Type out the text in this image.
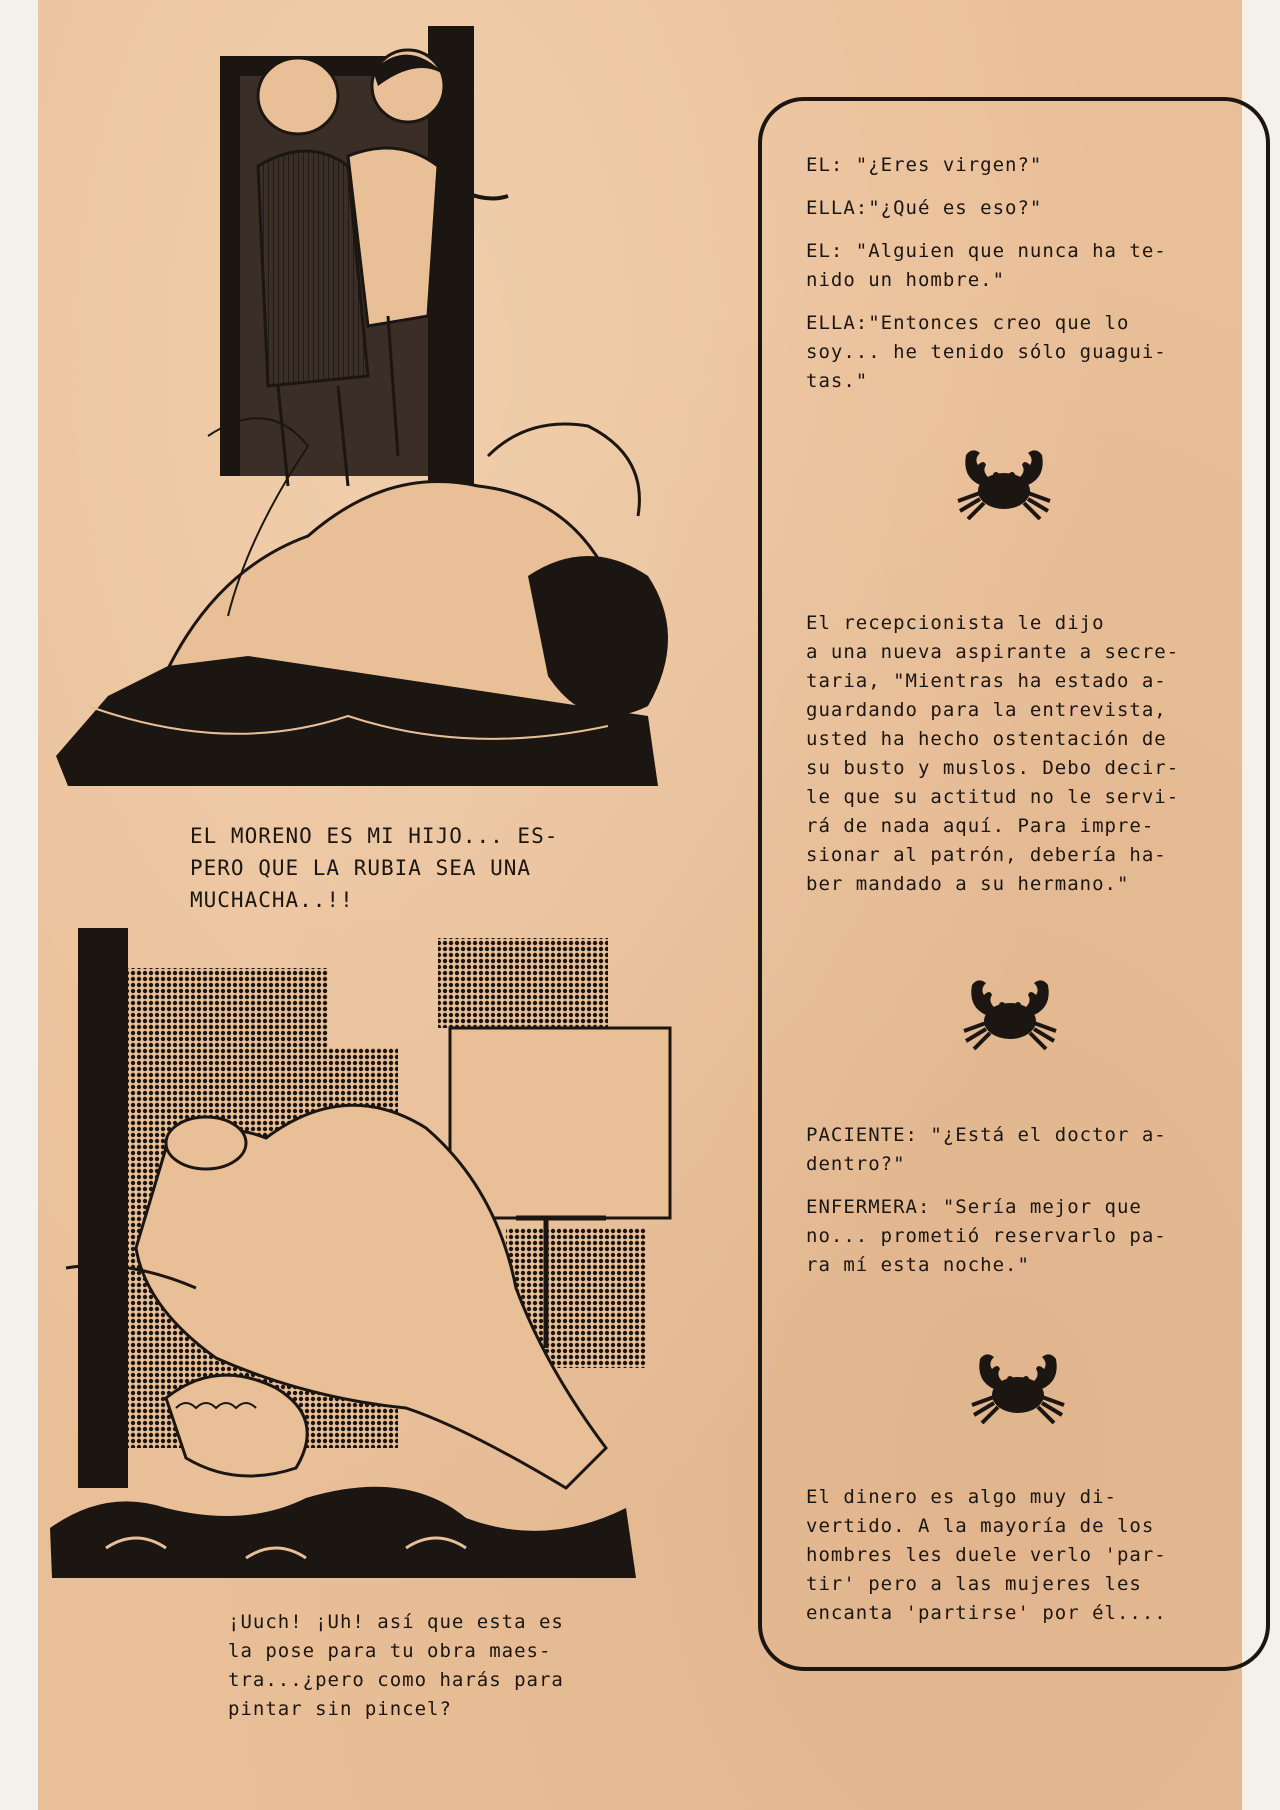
EL MORENO ES MI HIJO... ES-
PERO QUE LA RUBIA SEA UNA
MUCHACHA..!!
¡Uuch! ¡Uh! así que esta es
la pose para tu obra maes-
tra...¿pero como harás para
pintar sin pincel?

EL: "¿Eres virgen?"

ELLA:"¿Qué es eso?"

EL: "Alguien que nunca ha te-
nido un hombre."

ELLA:"Entonces creo que lo
soy... he tenido sólo guagui-
tas."

El recepcionista le dijo
a una nueva aspirante a secre-
taria, "Mientras ha estado a-
guardando para la entrevista,
usted ha hecho ostentación de
su busto y muslos. Debo decir-
le que su actitud no le servi-
rá de nada aquí. Para impre-
sionar al patrón, debería ha-
ber mandado a su hermano."

PACIENTE: "¿Está el doctor a-
dentro?"

ENFERMERA: "Sería mejor que
no... prometió reservarlo pa-
ra mí esta noche."

El dinero es algo muy di-
vertido. A la mayoría de los
hombres les duele verlo 'par-
tir' pero a las mujeres les
encanta 'partirse' por él....
